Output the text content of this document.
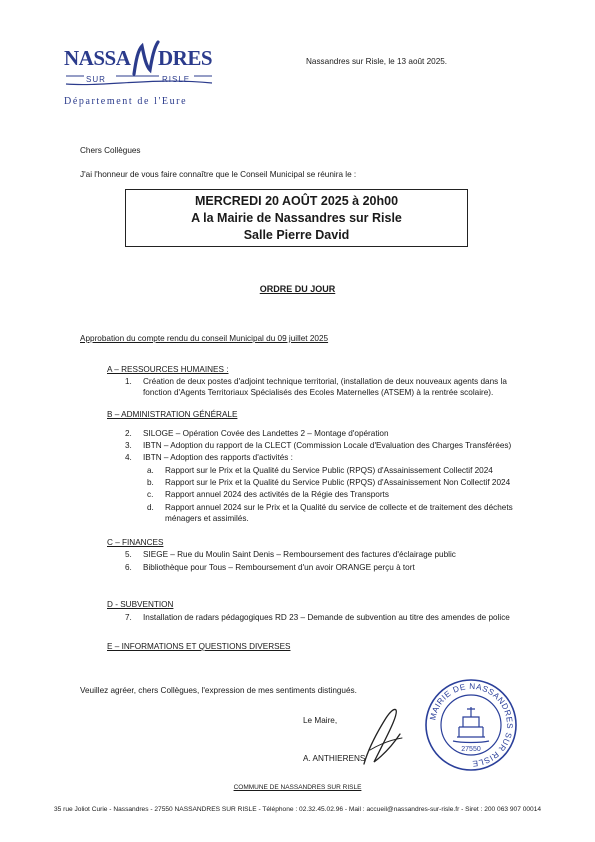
NASSA DRES
SUR	RISLE
Département de l'Eure
Nassandres sur Risle, le 13 août 2025.
Chers Collègues
J'ai l'honneur de vous faire connaître que le Conseil Municipal se réunira le :
MERCREDI 20 AOÛT 2025 à 20h00
A la Mairie de Nassandres sur Risle
Salle Pierre David
ORDRE DU JOUR
Approbation du compte rendu du conseil Municipal du 09 juillet 2025
A – RESSOURCES HUMAINES :
1. Création de deux postes d'adjoint technique territorial, (installation de deux nouveaux agents dans la
fonction d'Agents Territoriaux Spécialisés des Ecoles Maternelles (ATSEM) à la rentrée scolaire).
B – ADMINISTRATION GÉNÉRALE
2. SILOGE – Opération Covée des Landettes 2 – Montage d'opération
3. IBTN – Adoption du rapport de la CLECT (Commission Locale d'Evaluation des Charges Transférées)
4. IBTN – Adoption des rapports d'activités :
a. Rapport sur le Prix et la Qualité du Service Public (RPQS) d'Assainissement Collectif 2024
b. Rapport sur le Prix et la Qualité du Service Public (RPQS) d'Assainissement Non Collectif 2024
c. Rapport annuel 2024 des activités de la Régie des Transports
d. Rapport annuel 2024 sur le Prix et la Qualité du service de collecte et de traitement des déchets
ménagers et assimilés.
C – FINANCES
5. SIEGE – Rue du Moulin Saint Denis – Remboursement des factures d'éclairage public
6. Bibliothèque pour Tous – Remboursement d'un avoir ORANGE perçu à tort
D - SUBVENTION
7. Installation de radars pédagogiques RD 23 – Demande de subvention au titre des amendes de police
E – INFORMATIONS ET QUESTIONS DIVERSES
Veuillez agréer, chers Collègues, l'expression de mes sentiments distingués.
Le Maire,
A. ANTHIERENS
MAIRIE DE NASSANDRES SUR RISLE
27550
COMMUNE DE NASSANDRES SUR RISLE
35 rue Joliot Curie - Nassandres - 27550 NASSANDRES SUR RISLE - Téléphone : 02.32.45.02.96 - Mail : accueil@nassandres-sur-risle.fr - Siret : 200 063 907 00014
